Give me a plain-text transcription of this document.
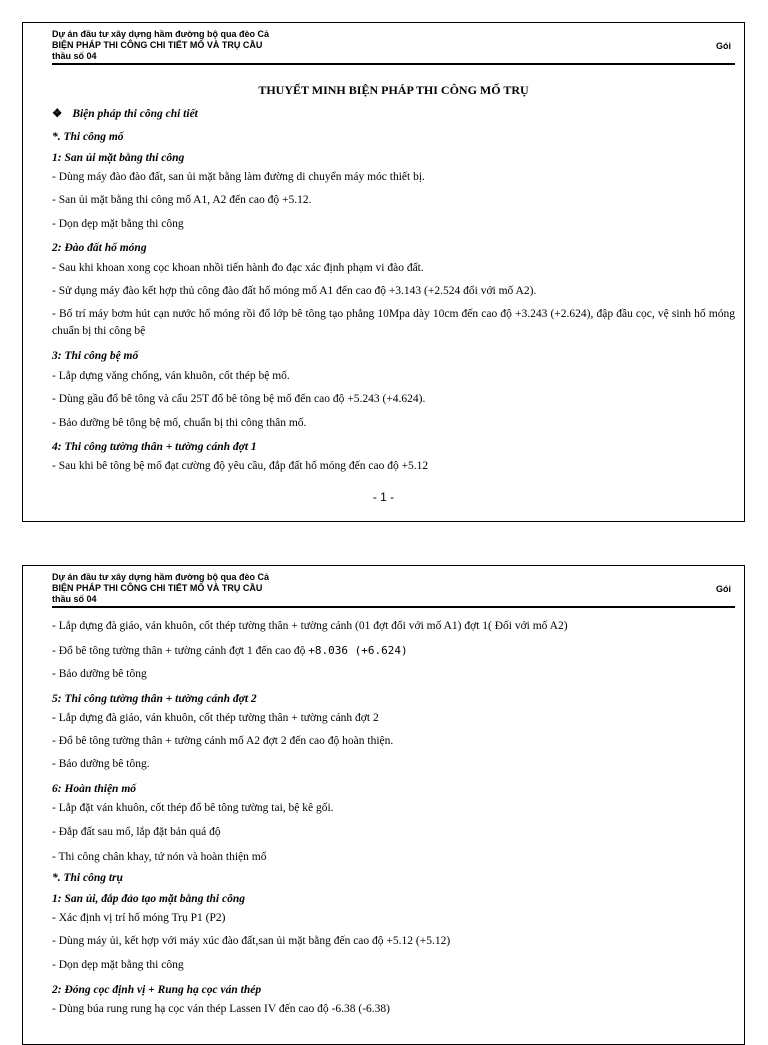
Dự án đầu tư xây dựng hầm đường bộ qua đèo Cả
BIỆN PHÁP THI CÔNG CHI TIẾT MỐ VÀ TRỤ CẦU
thầu số 04
Gói
THUYẾT MINH BIỆN PHÁP THI CÔNG MỐ TRỤ
❖ Biện pháp thi công chi tiết
*. Thi công mố
1: San ủi mặt bằng thi công
- Dùng máy đào đào đất, san ủi mặt bằng làm đường di chuyển máy móc thiết bị.
- San ủi mặt bằng thi công mố A1, A2 đến cao độ +5.12.
- Dọn dẹp mặt bằng thi công
2: Đào đất hố móng
- Sau khi khoan xong cọc khoan nhồi tiến hành đo đạc xác định phạm vi đào đất.
- Sử dụng máy đào kết hợp thủ công đào đất hố móng mố A1 đến cao độ +3.143 (+2.524 đối với mố A2).
- Bố trí máy bơm hút cạn nước hố móng rồi đổ lớp bê tông tạo phẳng 10Mpa dày 10cm đến cao độ +3.243 (+2.624), đập đầu cọc, vệ sinh hố móng chuẩn bị thi công bệ
3: Thi công bệ mố
- Lắp dựng văng chống, ván khuôn, cốt thép bệ mố.
- Dùng gầu đổ bê tông và cẩu 25T đổ bê tông bệ mố đến cao độ +5.243 (+4.624).
- Bảo dưỡng bê tông bệ mố, chuẩn bị thi công thân mố.
4: Thi công tường thân + tường cánh đợt 1
- Sau khi bê tông bệ mố đạt cường độ yêu cầu, đắp đất hố móng đến cao độ +5.12
- 1 -
Dự án đầu tư xây dựng hầm đường bộ qua đèo Cả
BIỆN PHÁP THI CÔNG CHI TIẾT MỐ VÀ TRỤ CẦU
thầu số 04
Gói
- Lắp dựng đà giáo, ván khuôn, cốt thép tường thân + tường cánh (01 đợt đối với mố A1) đợt 1( Đối với mố A2)
- Đổ bê tông tường thân + tường cánh đợt 1 đến cao độ +8.036 (+6.624)
- Bảo dưỡng bê tông
5: Thi công tường thân + tường cánh đợt 2
- Lắp dựng đà giáo, ván khuôn, cốt thép tường thân + tường cánh đợt 2
- Đổ bê tông tường thân + tường cánh mố A2 đợt 2 đến cao độ hoàn thiện.
- Bảo dưỡng bê tông.
6: Hoàn thiện mố
- Lắp đặt ván khuôn, cốt thép đổ bê tông tường tai, bệ kê gối.
- Đắp đất sau mố, lắp đặt bản quá độ
- Thi công chân khay, tứ nón và hoàn thiện mố
*. Thi công trụ
1: San ủi, đắp đảo tạo mặt bằng thi công
- Xác định vị trí hố móng Trụ P1 (P2)
- Dùng máy ủi, kết hợp với máy xúc đào đất,san ủi mặt bằng đến cao độ +5.12 (+5.12)
- Dọn dẹp mặt bằng thi công
2: Đóng cọc định vị + Rung hạ cọc ván thép
- Dùng búa rung rung hạ cọc ván thép Lassen IV đến cao độ -6.38 (-6.38)
